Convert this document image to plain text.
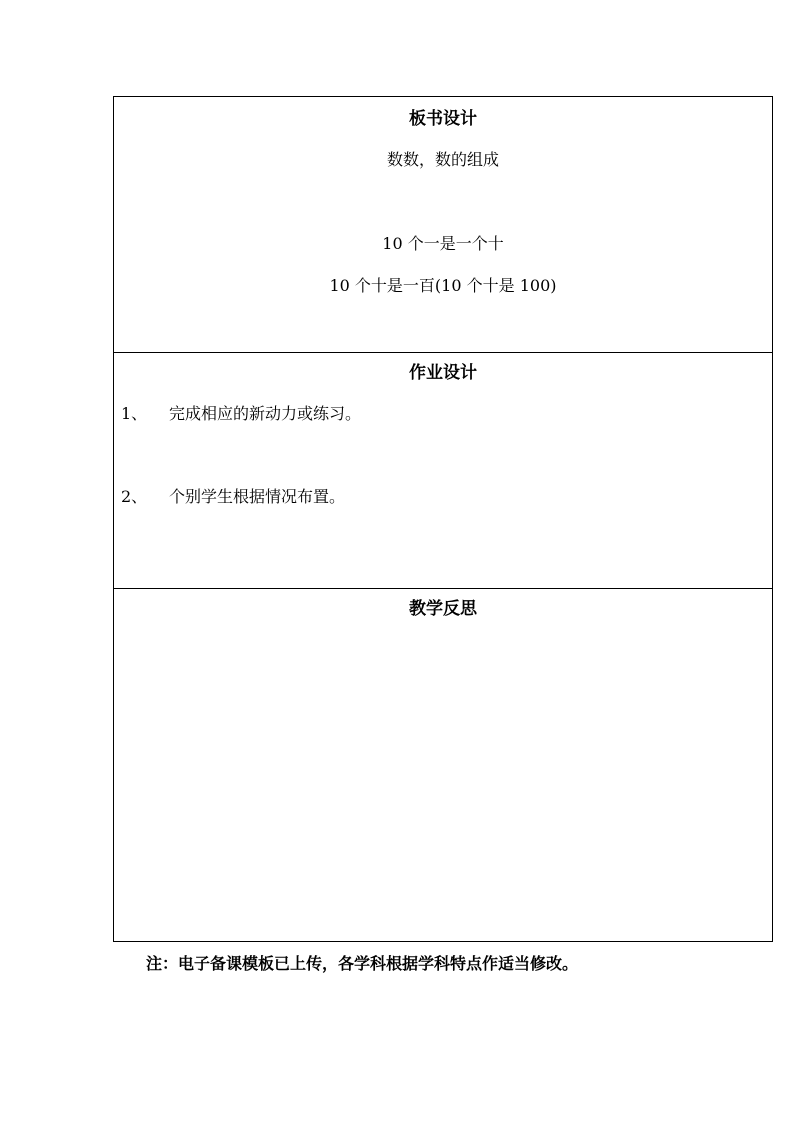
板书设计
数数，数的组成
10 个一是一个十
10 个十是一百(10 个十是 100)
作业设计
1、 完成相应的新动力或练习。
2、 个别学生根据情况布置。
教学反思
注：电子备课模板已上传，各学科根据学科特点作适当修改。
